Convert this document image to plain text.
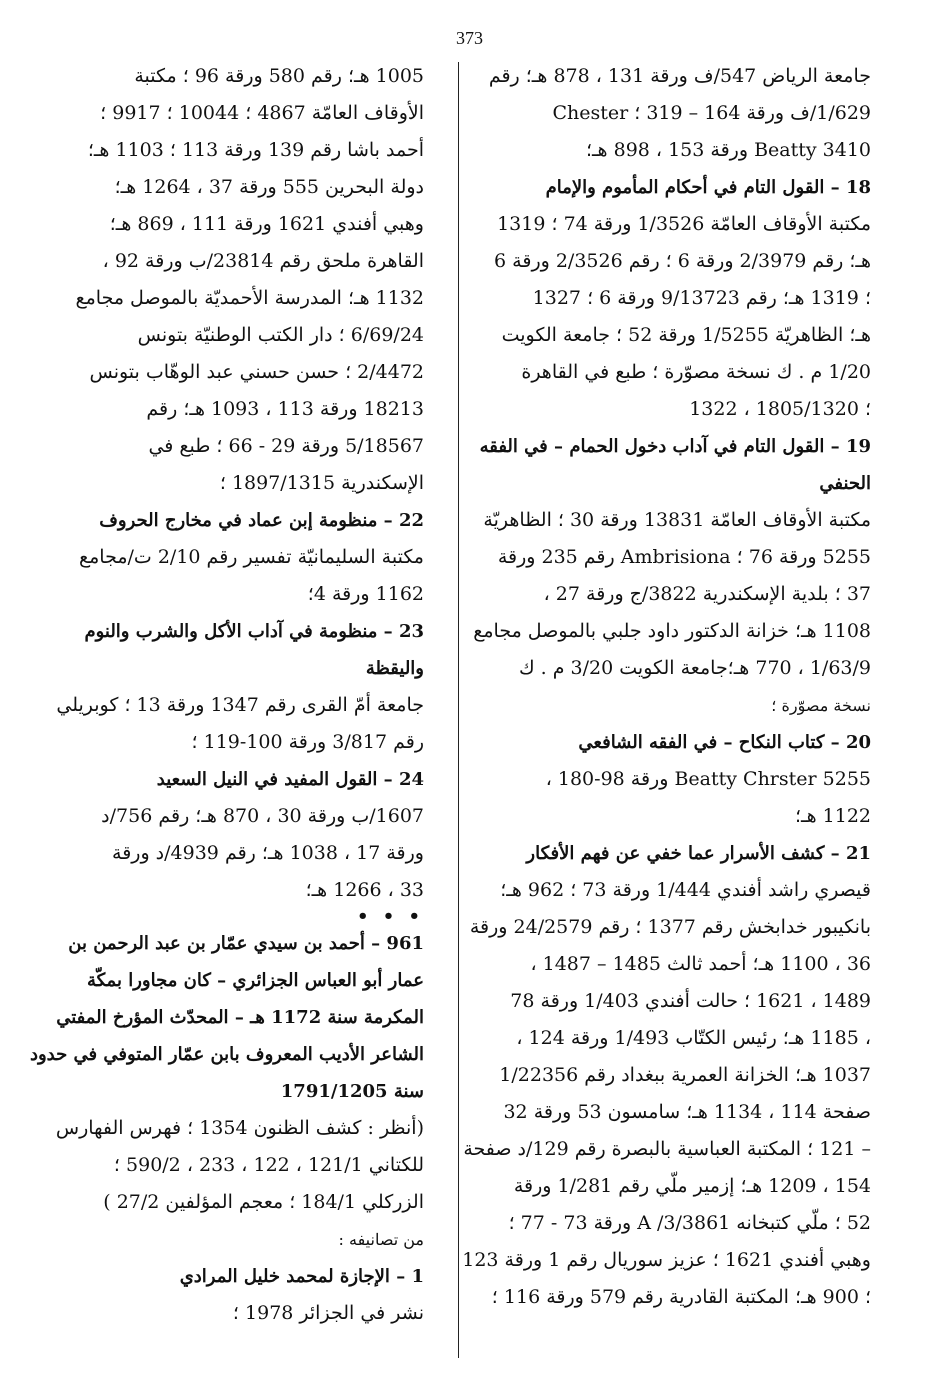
373
جامعة الرياض 547/ف ورقة 131 ، 878 هـ؛ رقم
1/629/ف ورقة 164 – 319 ؛ Chester
Beatty 3410 ورقة 153 ، 898 هـ؛
18 – القول التام في أحكام المأموم والإمام
مكتبة الأوقاف العامّة 1/3526 ورقة 74 ؛ 1319
هـ؛ رقم 2/3979 ورقة 6 ؛ رقم 2/3526 ورقة 6
؛ 1319 هـ؛ رقم 9/13723 ورقة 6 ؛ 1327
هـ؛ الظاهريّة 1/5255 ورقة 52 ؛ جامعة الكويت
1/20 م . ك نسخة مصوّرة ؛ طبع في القاهرة
؛ 1805/1320 ، 1322
19 – القول التام في آداب دخول الحمام – في الفقه
الحنفي
مكتبة الأوقاف العامّة 13831 ورقة 30 ؛ الظاهريّة
5255 ورقة 76 ؛ Ambrisiona رقم 235 ورقة
37 ؛ بلدية الإسكندرية 3822/ج ورقة 27 ،
1108 هـ؛ خزانة الدكتور داود جلبي بالموصل مجامع
1/63/9 ، 770 هـ؛جامعة الكويت 3/20 م . ك
نسخة مصوّرة ؛
20 – كتاب النكاح – في الفقه الشافعي
Beatty Chrster 5255 ورقة 98-180 ،
1122 هـ؛
21 – كشف الأسرار عما خفي عن فهم الأفكار
قيصري راشد أفندي 1/444 ورقة 73 ؛ 962 هـ؛
بانكيبور خدابخش رقم 1377 ؛ رقم 24/2579 ورقة
36 ، 1100 هـ؛ أحمد ثالث 1485 – 1487 ،
1489 ، 1621 ؛ حالت أفندي 1/403 ورقة 78
، 1185 هـ؛ رئيس الكتّاب 1/493 ورقة 124 ،
1037 هـ؛ الخزانة العمرية ببغداد رقم 1/22356
صفحة 114 ، 1134 هـ؛ سامسون 53 ورقة 32
– 121 ؛ المكتبة العباسية بالبصرة رقم 129/د صفحة
154 ، 1209 هـ؛ إزمير ملّي رقم 1/281 ورقة
52 ؛ ملّي كتبخانه A /3/3861 ورقة 73 - 77 ؛
وهبي أفندي 1621 ؛ عزيز سوريال رقم 1 ورقة 123
؛ 900 هـ؛ المكتبة القادرية رقم 579 ورقة 116 ؛
1005 هـ؛ رقم 580 ورقة 96 ؛ مكتبة
الأوقاف العامّة 4867 ؛ 10044 ؛ 9917 ؛
أحمد باشا رقم 139 ورقة 113 ؛ 1103 هـ؛
دولة البحرين 555 ورقة 37 ، 1264 هـ؛
وهبي أفندي 1621 ورقة 111 ، 869 هـ؛
القاهرة ملحق رقم 23814/ب ورقة 92 ،
1132 هـ؛ المدرسة الأحمديّة بالموصل مجامع
6/69/24 ؛ دار الكتب الوطنيّة بتونس
2/4472 ؛ حسن حسني عبد الوهّاب بتونس
18213 ورقة 113 ، 1093 هـ؛ رقم
5/18567 ورقة 29 - 66 ؛ طبع في
الإسكندرية 1897/1315 ؛
22 – منظومة إبن عماد في مخارج الحروف
مكتبة السليمانيّة تفسير رقم 2/10 ت/مجامع
1162 ورقة 4؛
23 – منظومة في آداب الأكل والشرب والنوم
واليقظة
جامعة أمّ القرى رقم 1347 ورقة 13 ؛ كوبريلي
رقم 3/817 ورقة 100-119 ؛
24 – القول المفيد في النيل السعيد
1607/ب ورقة 30 ، 870 هـ؛ رقم 756/د
ورقة 17 ، 1038 هـ؛ رقم 4939/د ورقة
33 ، 1266 هـ؛
• • •
961 – أحمد بن سيدي عمّار بن عبد الرحمن بن
عمار أبو العباس الجزائري – كان مجاورا بمكّة
المكرمة سنة 1172 هـ – المحدّث المؤرخ المفتي
الشاعر الأديب المعروف بابن عمّار المتوفي في حدود
سنة 1791/1205
(أنظر : كشف الظنون 1354 ؛ فهرس الفهارس
للكتاني 121/1 ، 122 ، 233 ، 590/2 ؛
الزركلي 184/1 ؛ معجم المؤلفين 27/2 )
من تصانيفه :
1 – الإجازة لمحمد خليل المرادي
نشر في الجزائر 1978 ؛
